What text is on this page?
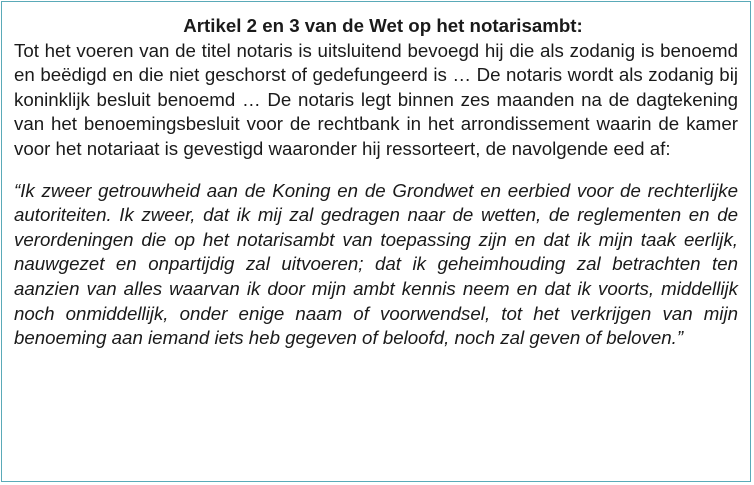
Artikel 2 en 3 van de Wet op het notarisambt:

Tot het voeren van de titel notaris is uitsluitend bevoegd hij die als zodanig is benoemd en beëdigd en die niet geschorst of gedefungeerd is … De notaris wordt als zodanig bij koninklijk besluit benoemd … De notaris legt binnen zes maanden na de dagtekening van het benoemingsbesluit voor de rechtbank in het arrondissement waarin de kamer voor het notariaat is gevestigd waaronder hij ressorteert, de navolgende eed af:

“Ik zweer getrouwheid aan de Koning en de Grondwet en eerbied voor de rechterlijke autoriteiten. Ik zweer, dat ik mij zal gedragen naar de wetten, de reglementen en de verordeningen die op het notarisambt van toepassing zijn en dat ik mijn taak eerlijk, nauwgezet en onpartijdig zal uitvoeren; dat ik geheimhouding zal betrachten ten aanzien van alles waarvan ik door mijn ambt kennis neem en dat ik voorts, middellijk noch onmiddellijk, onder enige naam of voorwendsel, tot het verkrijgen van mijn benoeming aan iemand iets heb gegeven of beloofd, noch zal geven of beloven.”
